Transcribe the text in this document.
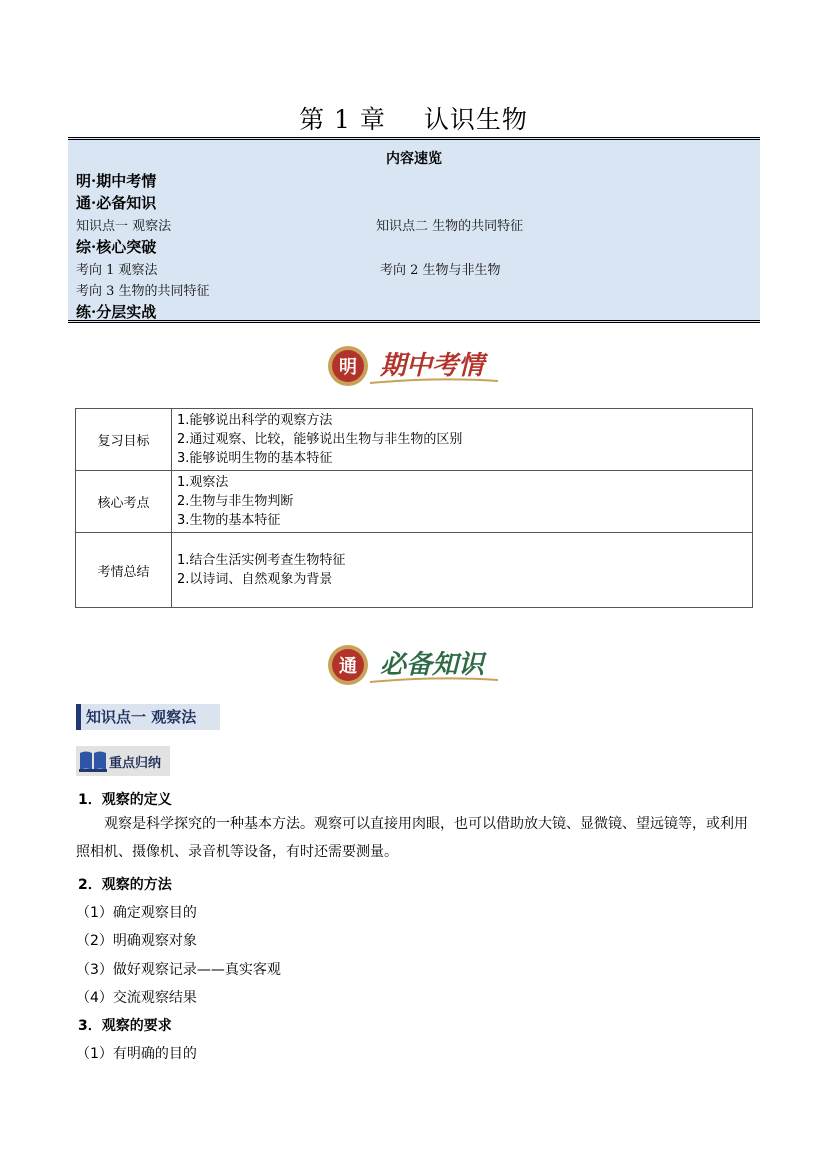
第 1 章 认识生物
内容速览
明·期中考情
通·必备知识
知识点一 观察法	知识点二 生物的共同特征
综·核心突破
考向 1 观察法	考向 2 生物与非生物
考向 3 生物的共同特征
练·分层实战
明 期中考情
复习目标	1.能够说出科学的观察方法
2.通过观察、比较，能够说出生物与非生物的区别
3.能够说明生物的基本特征

核心考点	1.观察法
2.生物与非生物判断
3.生物的基本特征

考情总结	1.结合生活实例考查生物特征
2.以诗词、自然观象为背景
通 必备知识
知识点一 观察法
重点归纳
1．观察的定义
观察是科学探究的一种基本方法。观察可以直接用肉眼，也可以借助放大镜、显微镜、望远镜等，或利用照相机、摄像机、录音机等设备，有时还需要测量。
2．观察的方法
（1）确定观察目的
（2）明确观察对象
（3）做好观察记录——真实客观
（4）交流观察结果
3．观察的要求
（1）有明确的目的
